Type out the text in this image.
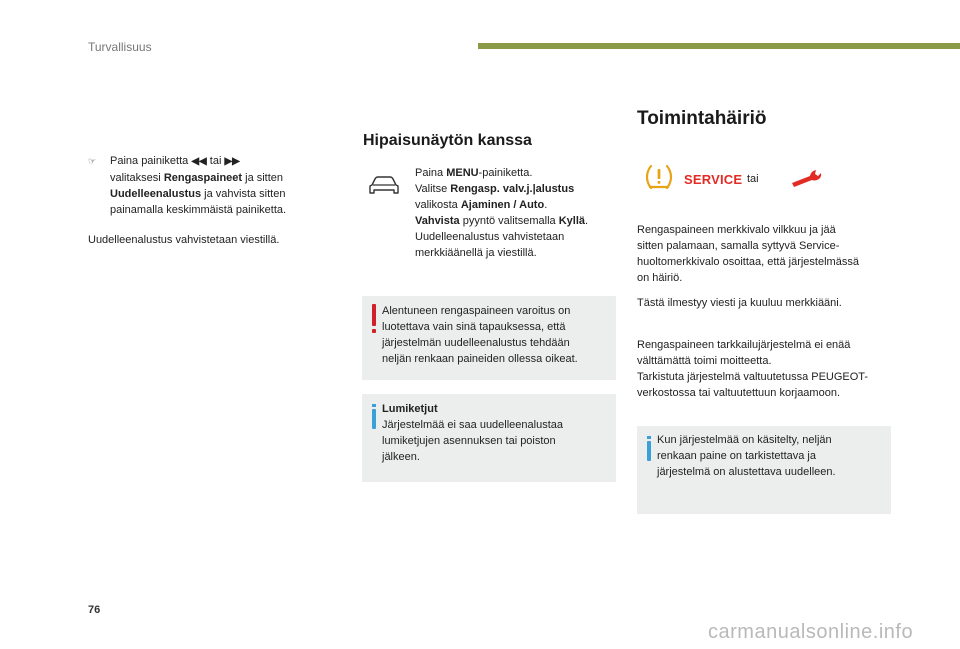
Turvallisuus
☞ Paina painiketta ◀◀ tai ▶▶
valitaksesi Rengaspaineet ja sitten
Uudelleenalustus ja vahvista sitten
painamalla keskimmäistä painiketta.
Uudelleenalustus vahvistetaan viestillä.
Hipaisunäytön kanssa
Paina MENU-painiketta.
Valitse Rengasp. valv.j.|alustus
valikosta Ajaminen / Auto.
Vahvista pyyntö valitsemalla Kyllä.
Uudelleenalustus vahvistetaan
merkkiäänellä ja viestillä.
Alentuneen rengaspaineen varoitus on
luotettava vain sinä tapauksessa, että
järjestelmän uudelleenalustus tehdään
neljän renkaan paineiden ollessa oikeat.
Lumiketjut
Järjestelmää ei saa uudelleenalustaa
lumiketjujen asennuksen tai poiston
jälkeen.
Toimintahäiriö
SERVICE tai
Rengaspaineen merkkivalo vilkkuu ja jää
sitten palamaan, samalla syttyvä Service-
huoltomerkkivalo osoittaa, että järjestelmässä
on häiriö.
Tästä ilmestyy viesti ja kuuluu merkkiääni.
Rengaspaineen tarkkailujärjestelmä ei enää
välttämättä toimi moitteetta.
Tarkistuta järjestelmä valtuutetussa PEUGEOT-
verkostossa tai valtuutettuun korjaamoon.
Kun järjestelmää on käsitelty, neljän
renkaan paine on tarkistettava ja
järjestelmä on alustettava uudelleen.
76
carmanualsonline.info
